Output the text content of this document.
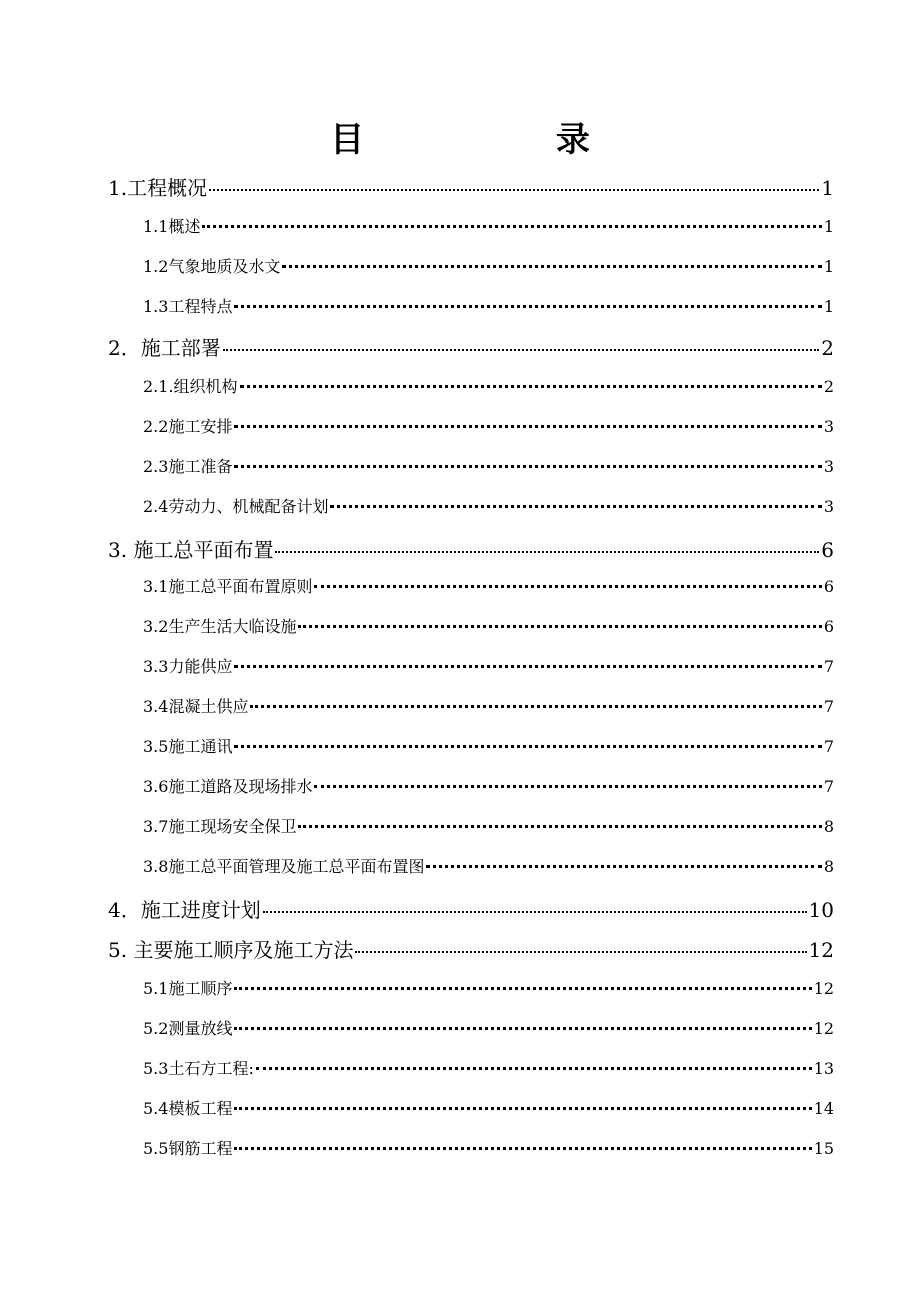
目 录
1.工程概况	1
1.1概述	1
1.2气象地质及水文	1
1.3工程特点	1
2．施工部署	2
2.1.组织机构	2
2.2施工安排	3
2.3施工准备	3
2.4劳动力、机械配备计划	3
3. 施工总平面布置	6
3.1施工总平面布置原则	6
3.2生产生活大临设施	6
3.3力能供应	7
3.4混凝土供应	7
3.5施工通讯	7
3.6施工道路及现场排水	7
3.7施工现场安全保卫	8
3.8施工总平面管理及施工总平面布置图	8
4．施工进度计划	10
5. 主要施工顺序及施工方法	12
5.1施工顺序	12
5.2测量放线	12
5.3土石方工程:	13
5.4模板工程	14
5.5钢筋工程	15
